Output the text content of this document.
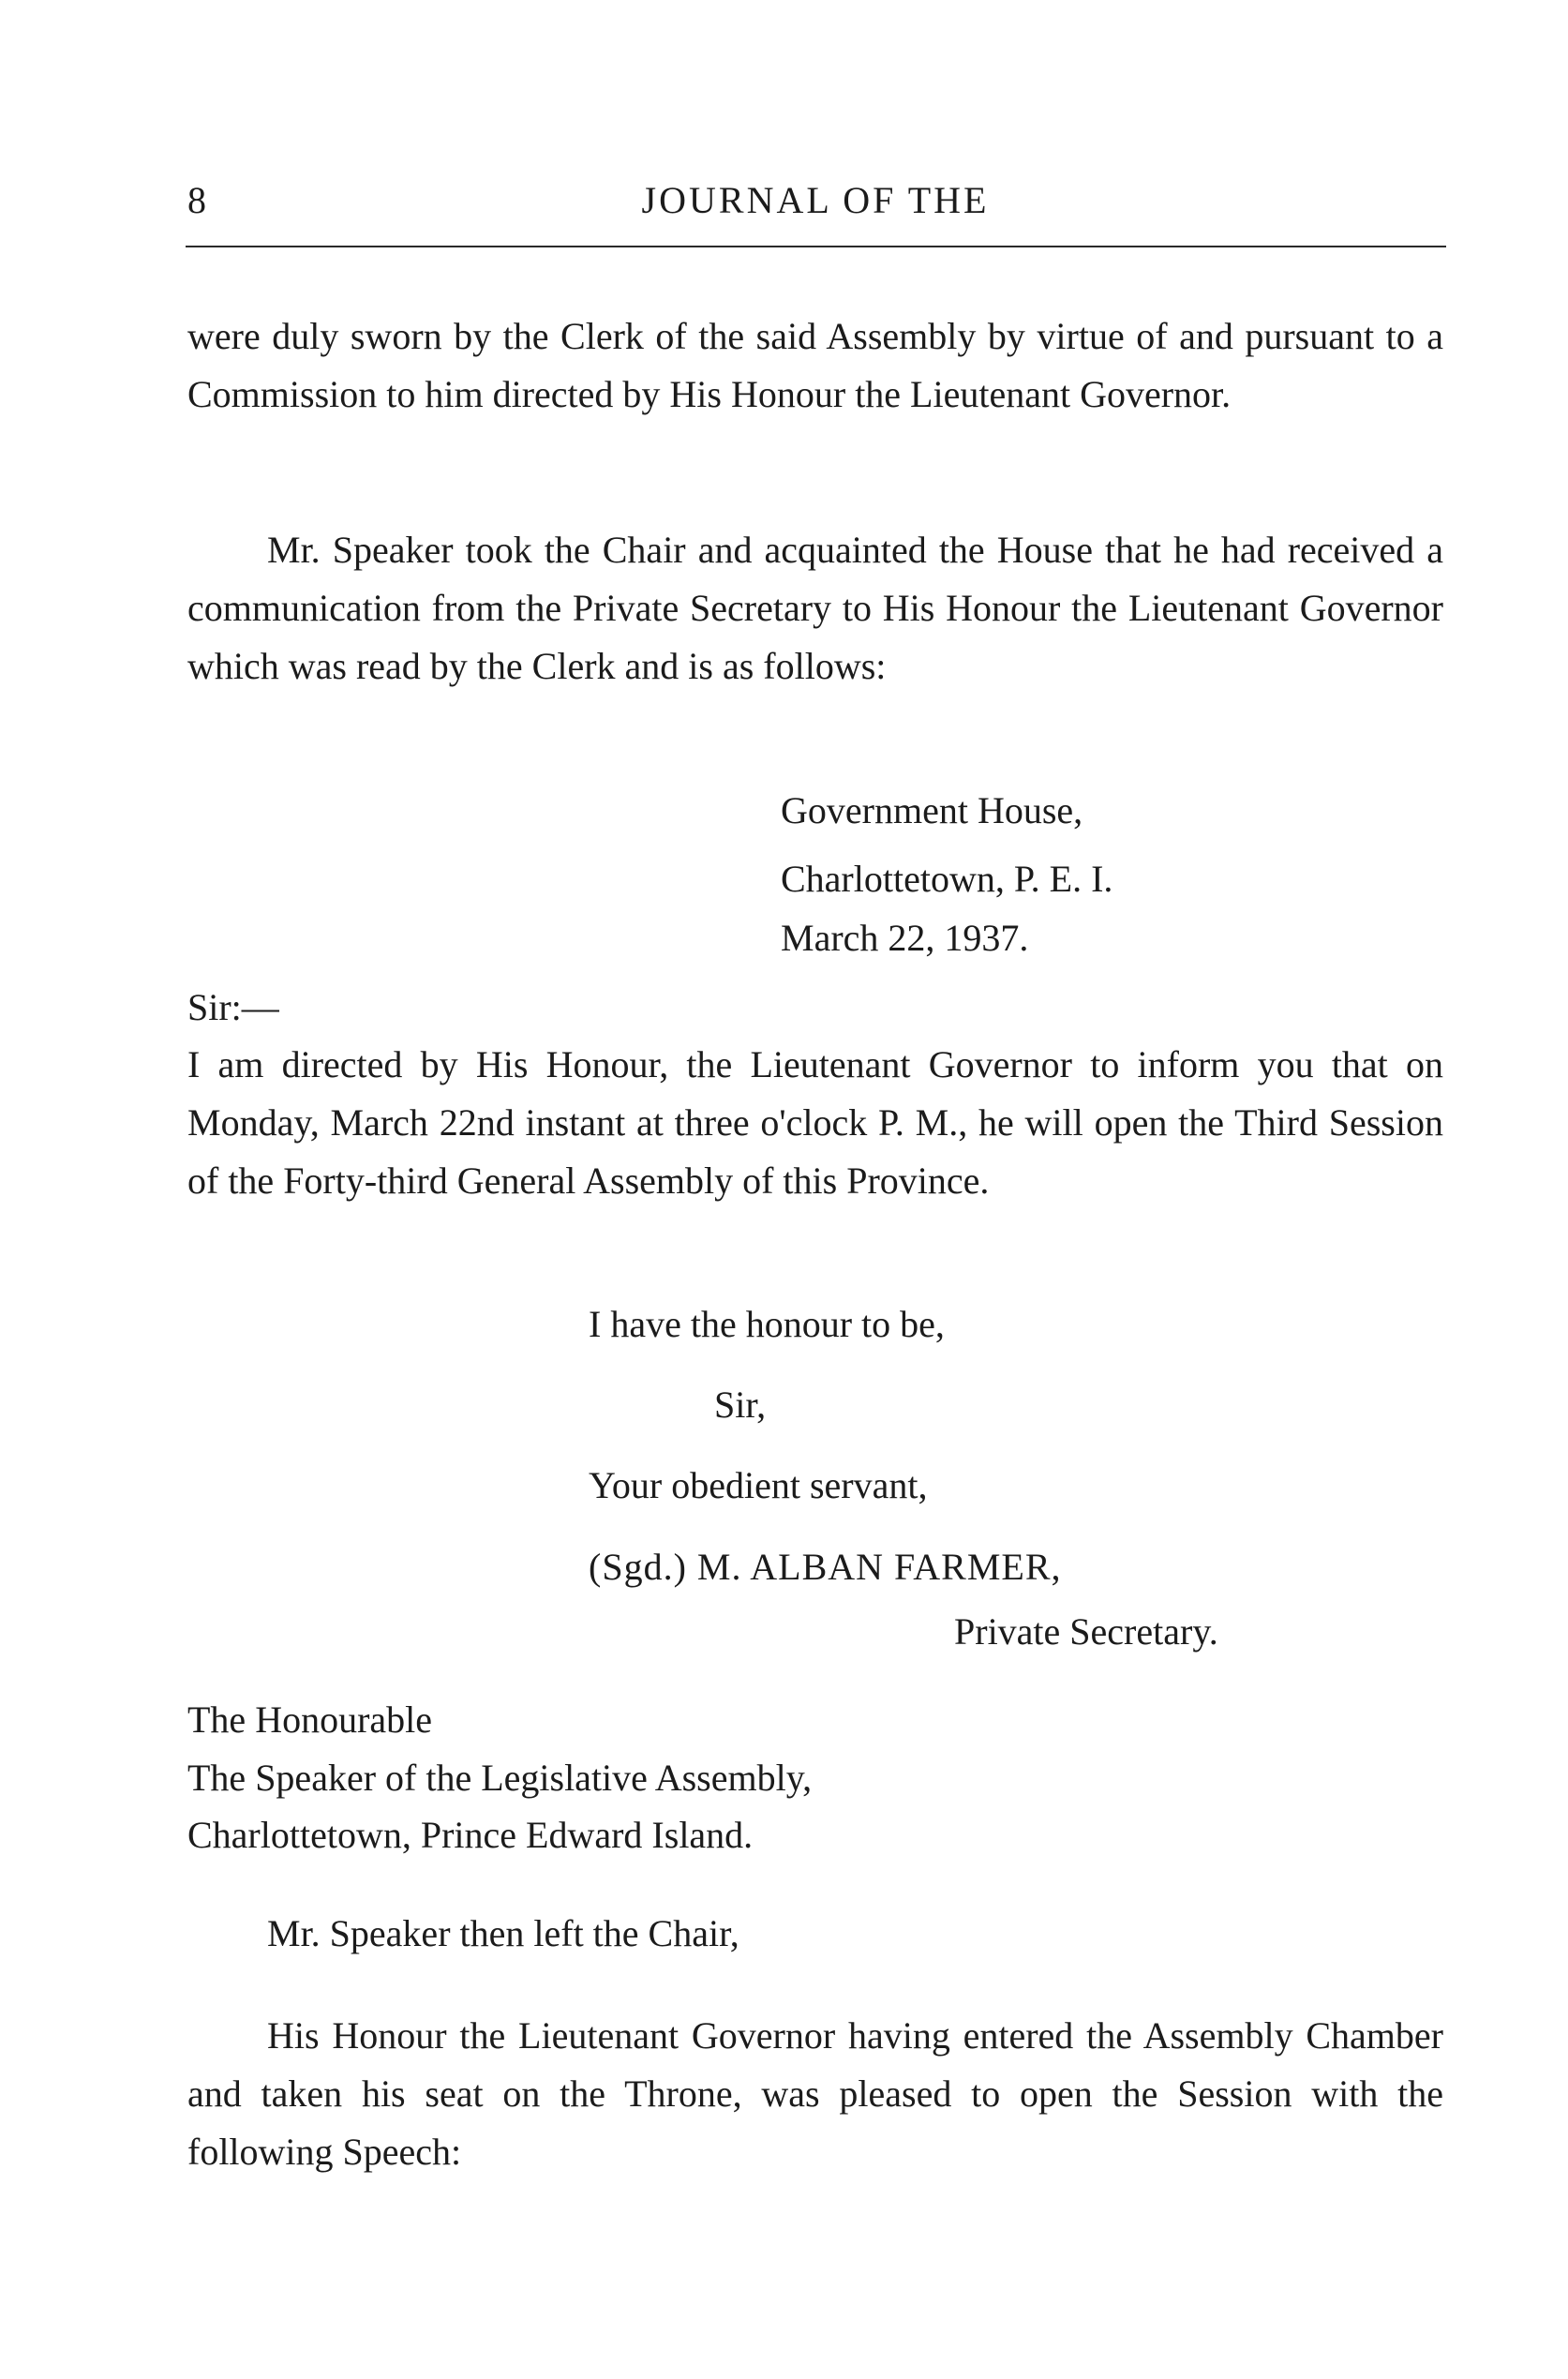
8	JOURNAL OF THE

were duly sworn by the Clerk of the said Assembly by virtue of and pursuant to a Commission to him directed by His Honour the Lieutenant Governor.

Mr. Speaker took the Chair and acquainted the House that he had received a communication from the Private Secretary to His Honour the Lieutenant Governor which was read by the Clerk and is as follows:

Government House,
Charlottetown, P. E. I.
March 22, 1937.
Sir:—

I am directed by His Honour, the Lieutenant Governor to inform you that on Monday, March 22nd instant at three o'clock P. M., he will open the Third Session of the Forty-third General Assembly of this Province.

I have the honour to be,
Sir,
Your obedient servant,
(Sgd.) M. ALBAN FARMER,
Private Secretary.
The Honourable
The Speaker of the Legislative Assembly,
Charlottetown, Prince Edward Island.
Mr. Speaker then left the Chair,

His Honour the Lieutenant Governor having entered the Assembly Chamber and taken his seat on the Throne, was pleased to open the Session with the following Speech:
